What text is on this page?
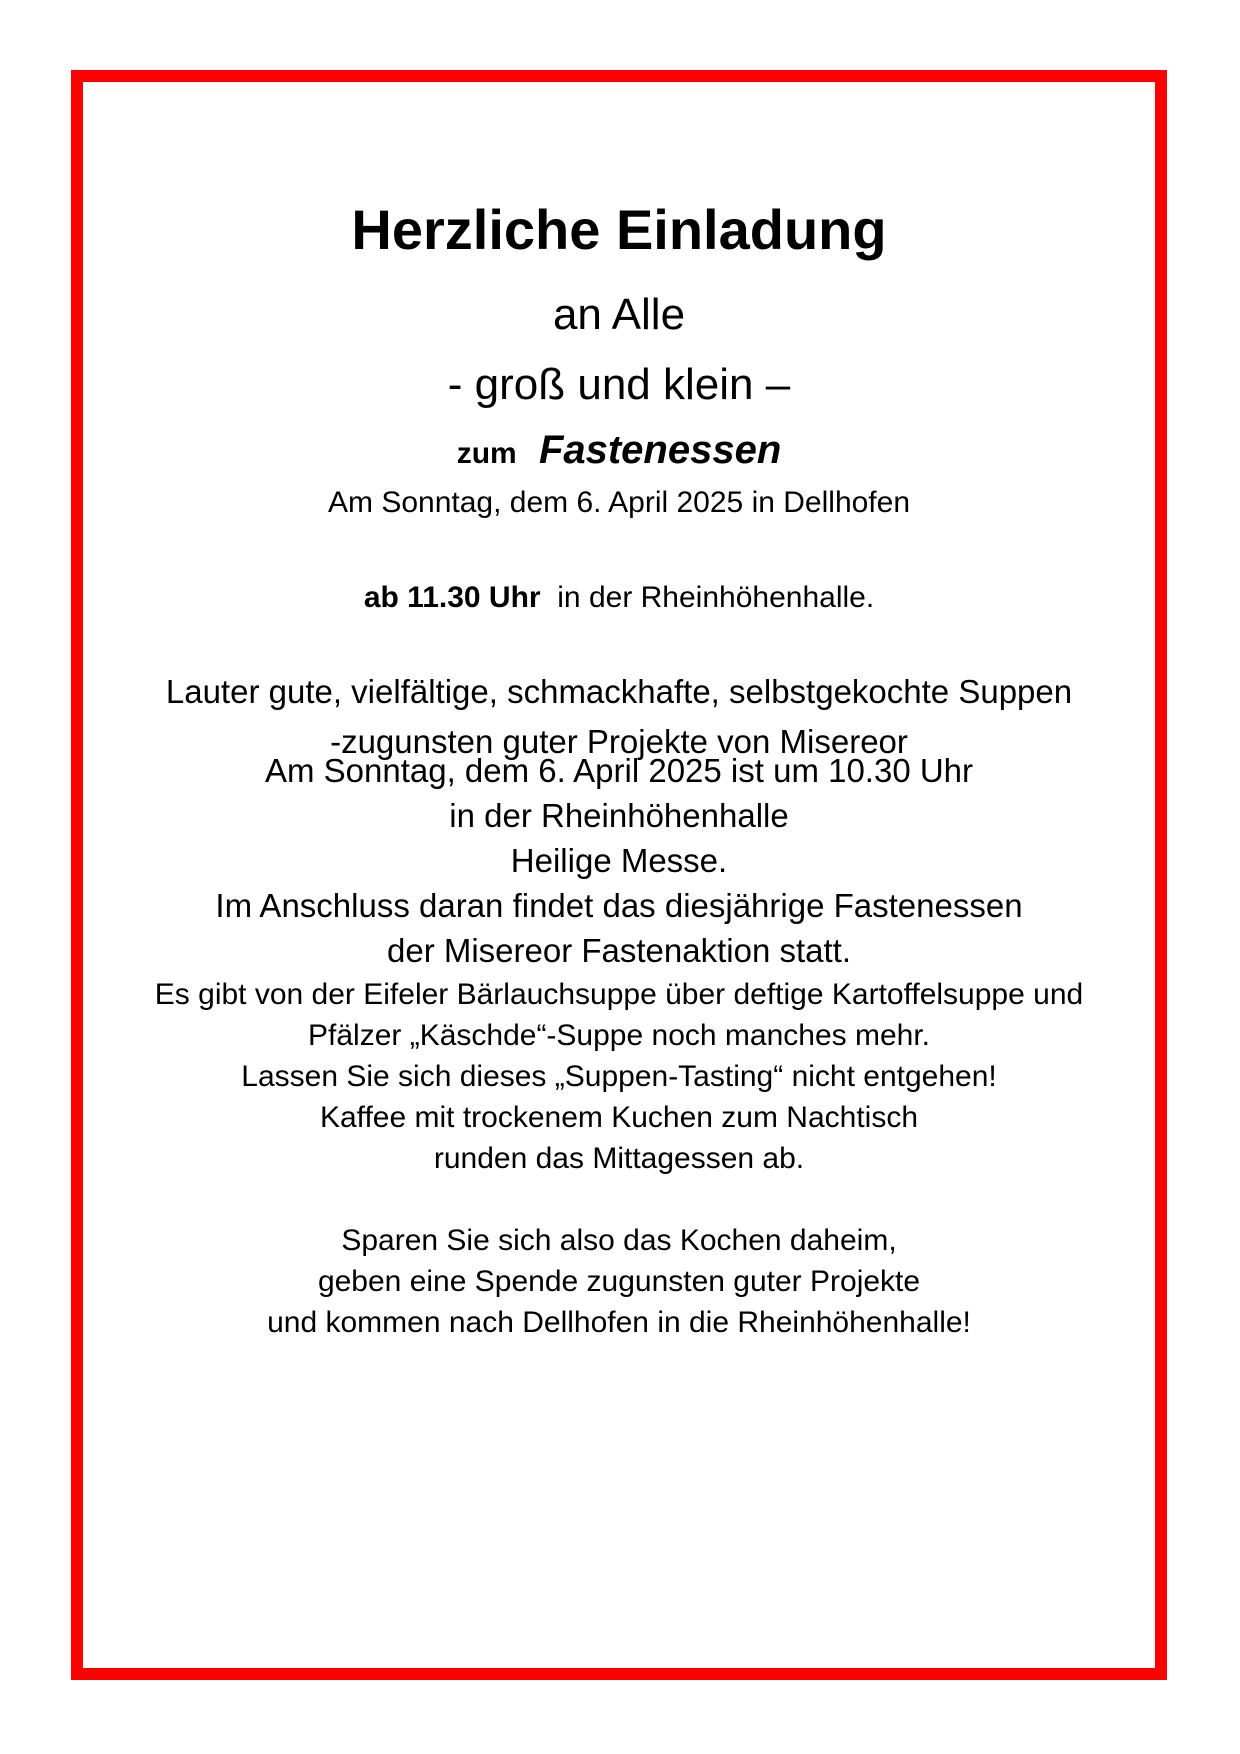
Herzliche Einladung
an Alle
- groß und klein –
zum Fastenessen
Am Sonntag, dem 6. April 2025 in Dellhofen
ab 11.30 Uhr  in der Rheinhöhenhalle.
Lauter gute, vielfältige, schmackhafte, selbstgekochte Suppen
-zugunsten guter Projekte von Misereor
Am Sonntag, dem 6. April 2025 ist um 10.30 Uhr
in der Rheinhöhenhalle
Heilige Messe.
Im Anschluss daran findet das diesjährige Fastenessen
der Misereor Fastenaktion statt.
Es gibt von der Eifeler Bärlauchsuppe über deftige Kartoffelsuppe und
Pfälzer „Käschde“-Suppe noch manches mehr.
Lassen Sie sich dieses „Suppen-Tasting“ nicht entgehen!
Kaffee mit trockenem Kuchen zum Nachtisch
runden das Mittagessen ab.
Sparen Sie sich also das Kochen daheim,
geben eine Spende zugunsten guter Projekte
und kommen nach Dellhofen in die Rheinhöhenhalle!
